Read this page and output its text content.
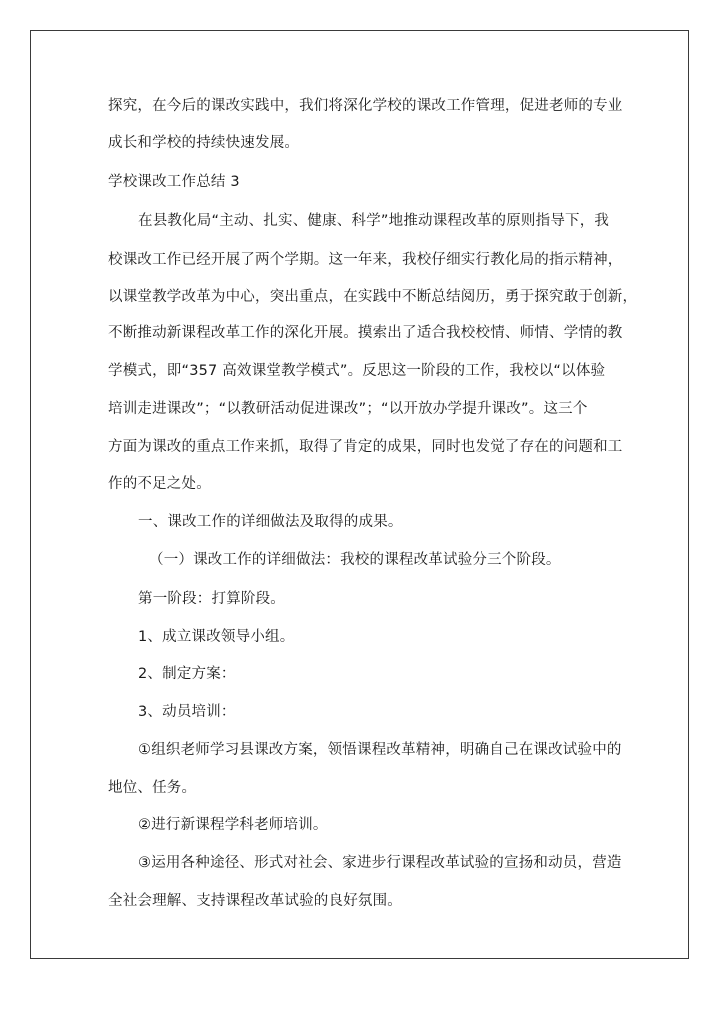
探究，在今后的课改实践中，我们将深化学校的课改工作管理，促进老师的专业
成长和学校的持续快速发展。
学校课改工作总结 3
在县教化局“主动、扎实、健康、科学”地推动课程改革的原则指导下，我
校课改工作已经开展了两个学期。这一年来，我校仔细实行教化局的指示精神，
以课堂教学改革为中心，突出重点，在实践中不断总结阅历，勇于探究敢于创新，
不断推动新课程改革工作的深化开展。摸索出了适合我校校情、师情、学情的教
学模式，即“357 高效课堂教学模式”。反思这一阶段的工作，我校以“以体验
培训走进课改”；“以教研活动促进课改”；“以开放办学提升课改”。这三个
方面为课改的重点工作来抓，取得了肯定的成果，同时也发觉了存在的问题和工
作的不足之处。
一、课改工作的详细做法及取得的成果。
（一）课改工作的详细做法：我校的课程改革试验分三个阶段。
第一阶段：打算阶段。
1、成立课改领导小组。
2、制定方案：
3、动员培训：
①组织老师学习县课改方案，领悟课程改革精神，明确自己在课改试验中的
地位、任务。
②进行新课程学科老师培训。
③运用各种途径、形式对社会、家进步行课程改革试验的宣扬和动员，营造
全社会理解、支持课程改革试验的良好氛围。
